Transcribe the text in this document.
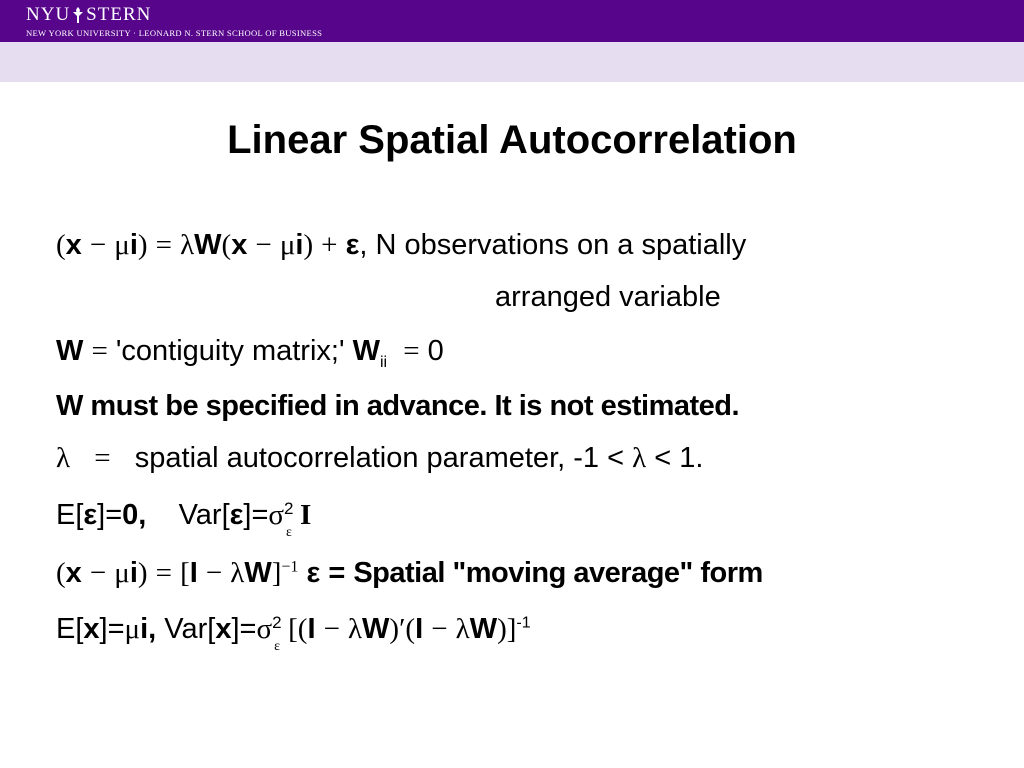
NYU STERN
NEW YORK UNIVERSITY · LEONARD N. STERN SCHOOL OF BUSINESS
Linear Spatial Autocorrelation
(x − μi) = λW(x − μi) + ε, N observations on a spatially
arranged variable
W = 'contiguity matrix;' $W_{ii} = 0$
W must be specified in advance. It is not estimated.
λ = spatial autocorrelation parameter, -1 < λ < 1.
E[ε]=0,    Var[ε]=σ 2
ε
I
$(x - \mu i) = [I - \lambda W]^{-1}$ ε = Spatial "moving average" form
E[x]=μi, Var[x]=σ 2
ε
$[(I - \lambda W)'(I - \lambda W)]^{-1}$
